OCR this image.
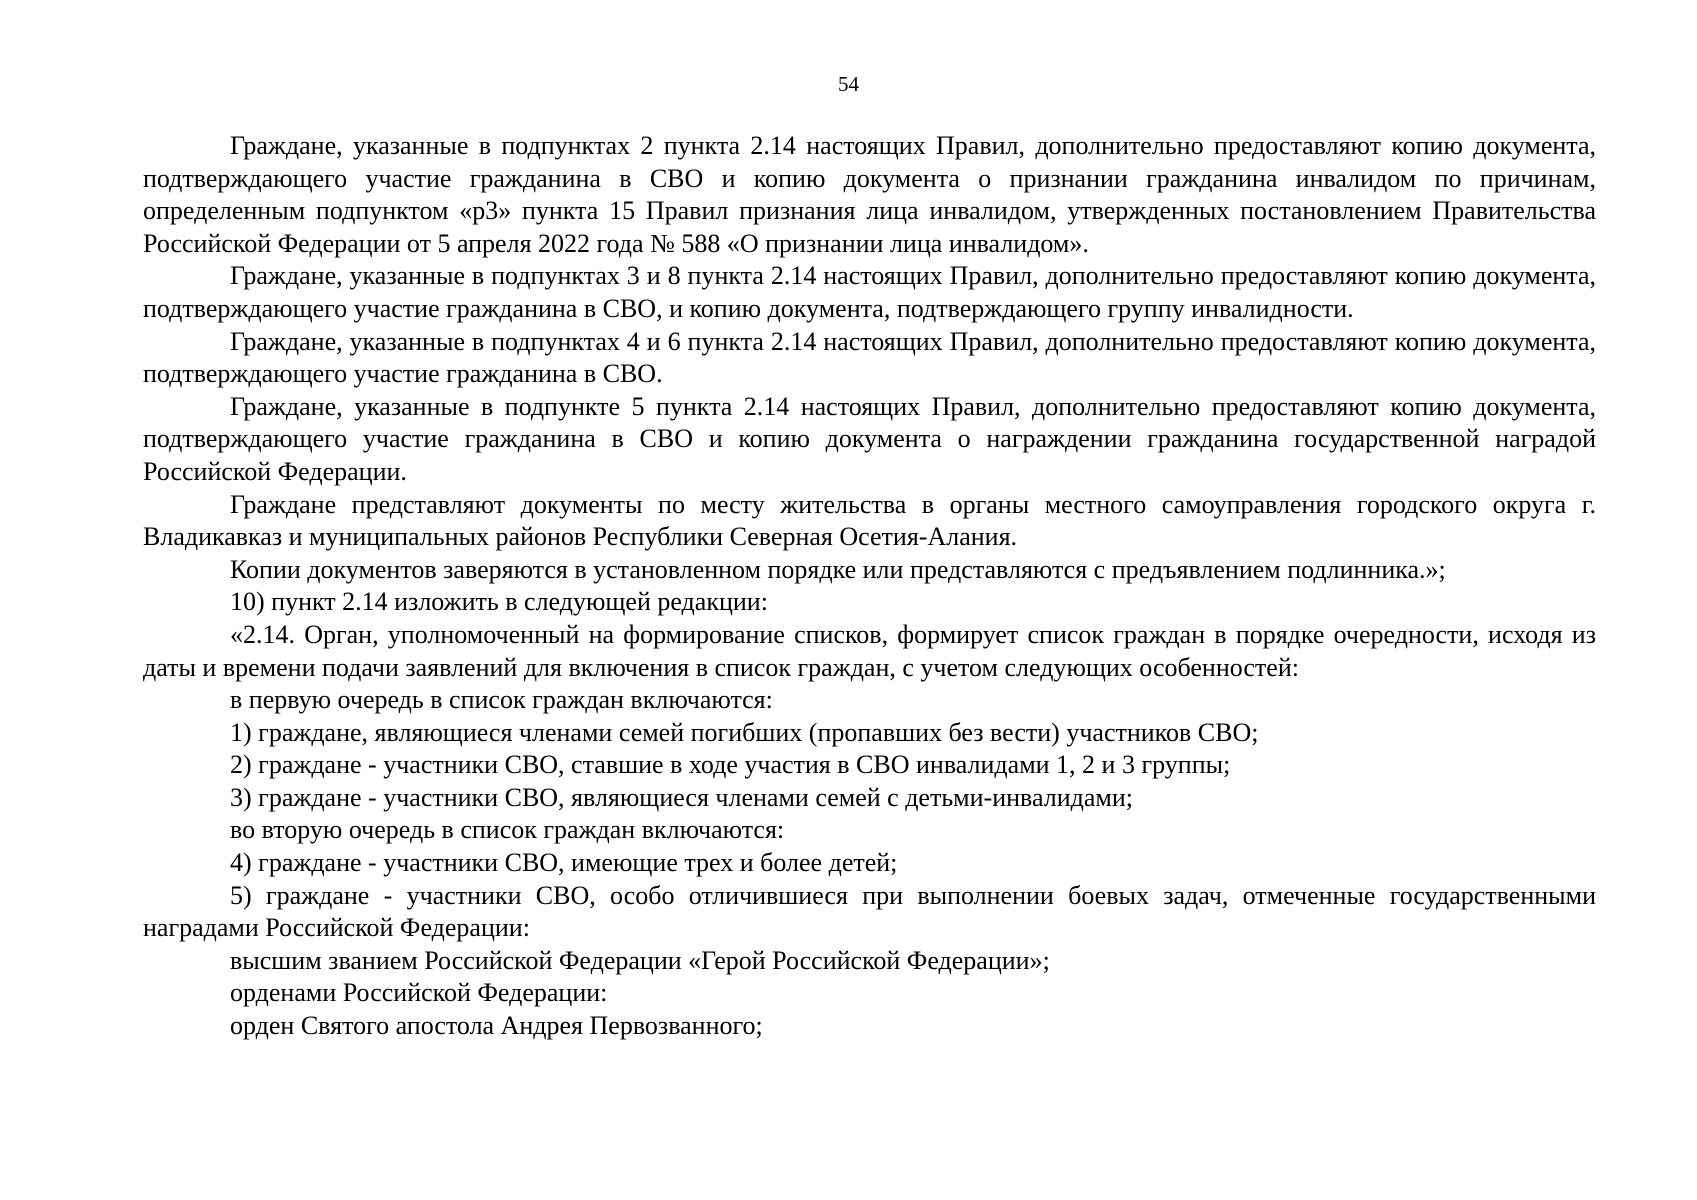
54

Граждане, указанные в подпунктах 2 пункта 2.14 настоящих Правил, дополнительно предоставляют копию документа, подтверждающего участие гражданина в СВО и копию документа о признании гражданина инвалидом по причинам, определенным подпунктом «р3» пункта 15 Правил признания лица инвалидом, утвержденных постановлением Правительства Российской Федерации от 5 апреля 2022 года № 588 «О признании лица инвалидом».

Граждане, указанные в подпунктах 3 и 8 пункта 2.14 настоящих Правил, дополнительно предоставляют копию документа, подтверждающего участие гражданина в СВО, и копию документа, подтверждающего группу инвалидности.

Граждане, указанные в подпунктах 4 и 6 пункта 2.14 настоящих Правил, дополнительно предоставляют копию документа, подтверждающего участие гражданина в СВО.

Граждане, указанные в подпункте 5 пункта 2.14 настоящих Правил, дополнительно предоставляют копию документа, подтверждающего участие гражданина в СВО и копию документа о награждении гражданина государственной наградой Российской Федерации.

Граждане представляют документы по месту жительства в органы местного самоуправления городского округа г. Владикавказ и муниципальных районов Республики Северная Осетия-Алания.

Копии документов заверяются в установленном порядке или представляются с предъявлением подлинника.»;

10) пункт 2.14 изложить в следующей редакции:

«2.14. Орган, уполномоченный на формирование списков, формирует список граждан в порядке очередности, исходя из даты и времени подачи заявлений для включения в список граждан, с учетом следующих особенностей:

в первую очередь в список граждан включаются:

1) граждане, являющиеся членами семей погибших (пропавших без вести) участников СВО;

2) граждане - участники СВО, ставшие в ходе участия в СВО инвалидами 1, 2 и 3 группы;

3) граждане - участники СВО, являющиеся членами семей с детьми-инвалидами;

во вторую очередь в список граждан включаются:

4) граждане - участники СВО, имеющие трех и более детей;

5) граждане - участники СВО, особо отличившиеся при выполнении боевых задач, отмеченные государственными наградами Российской Федерации:

высшим званием Российской Федерации «Герой Российской Федерации»;

орденами Российской Федерации:

орден Святого апостола Андрея Первозванного;
